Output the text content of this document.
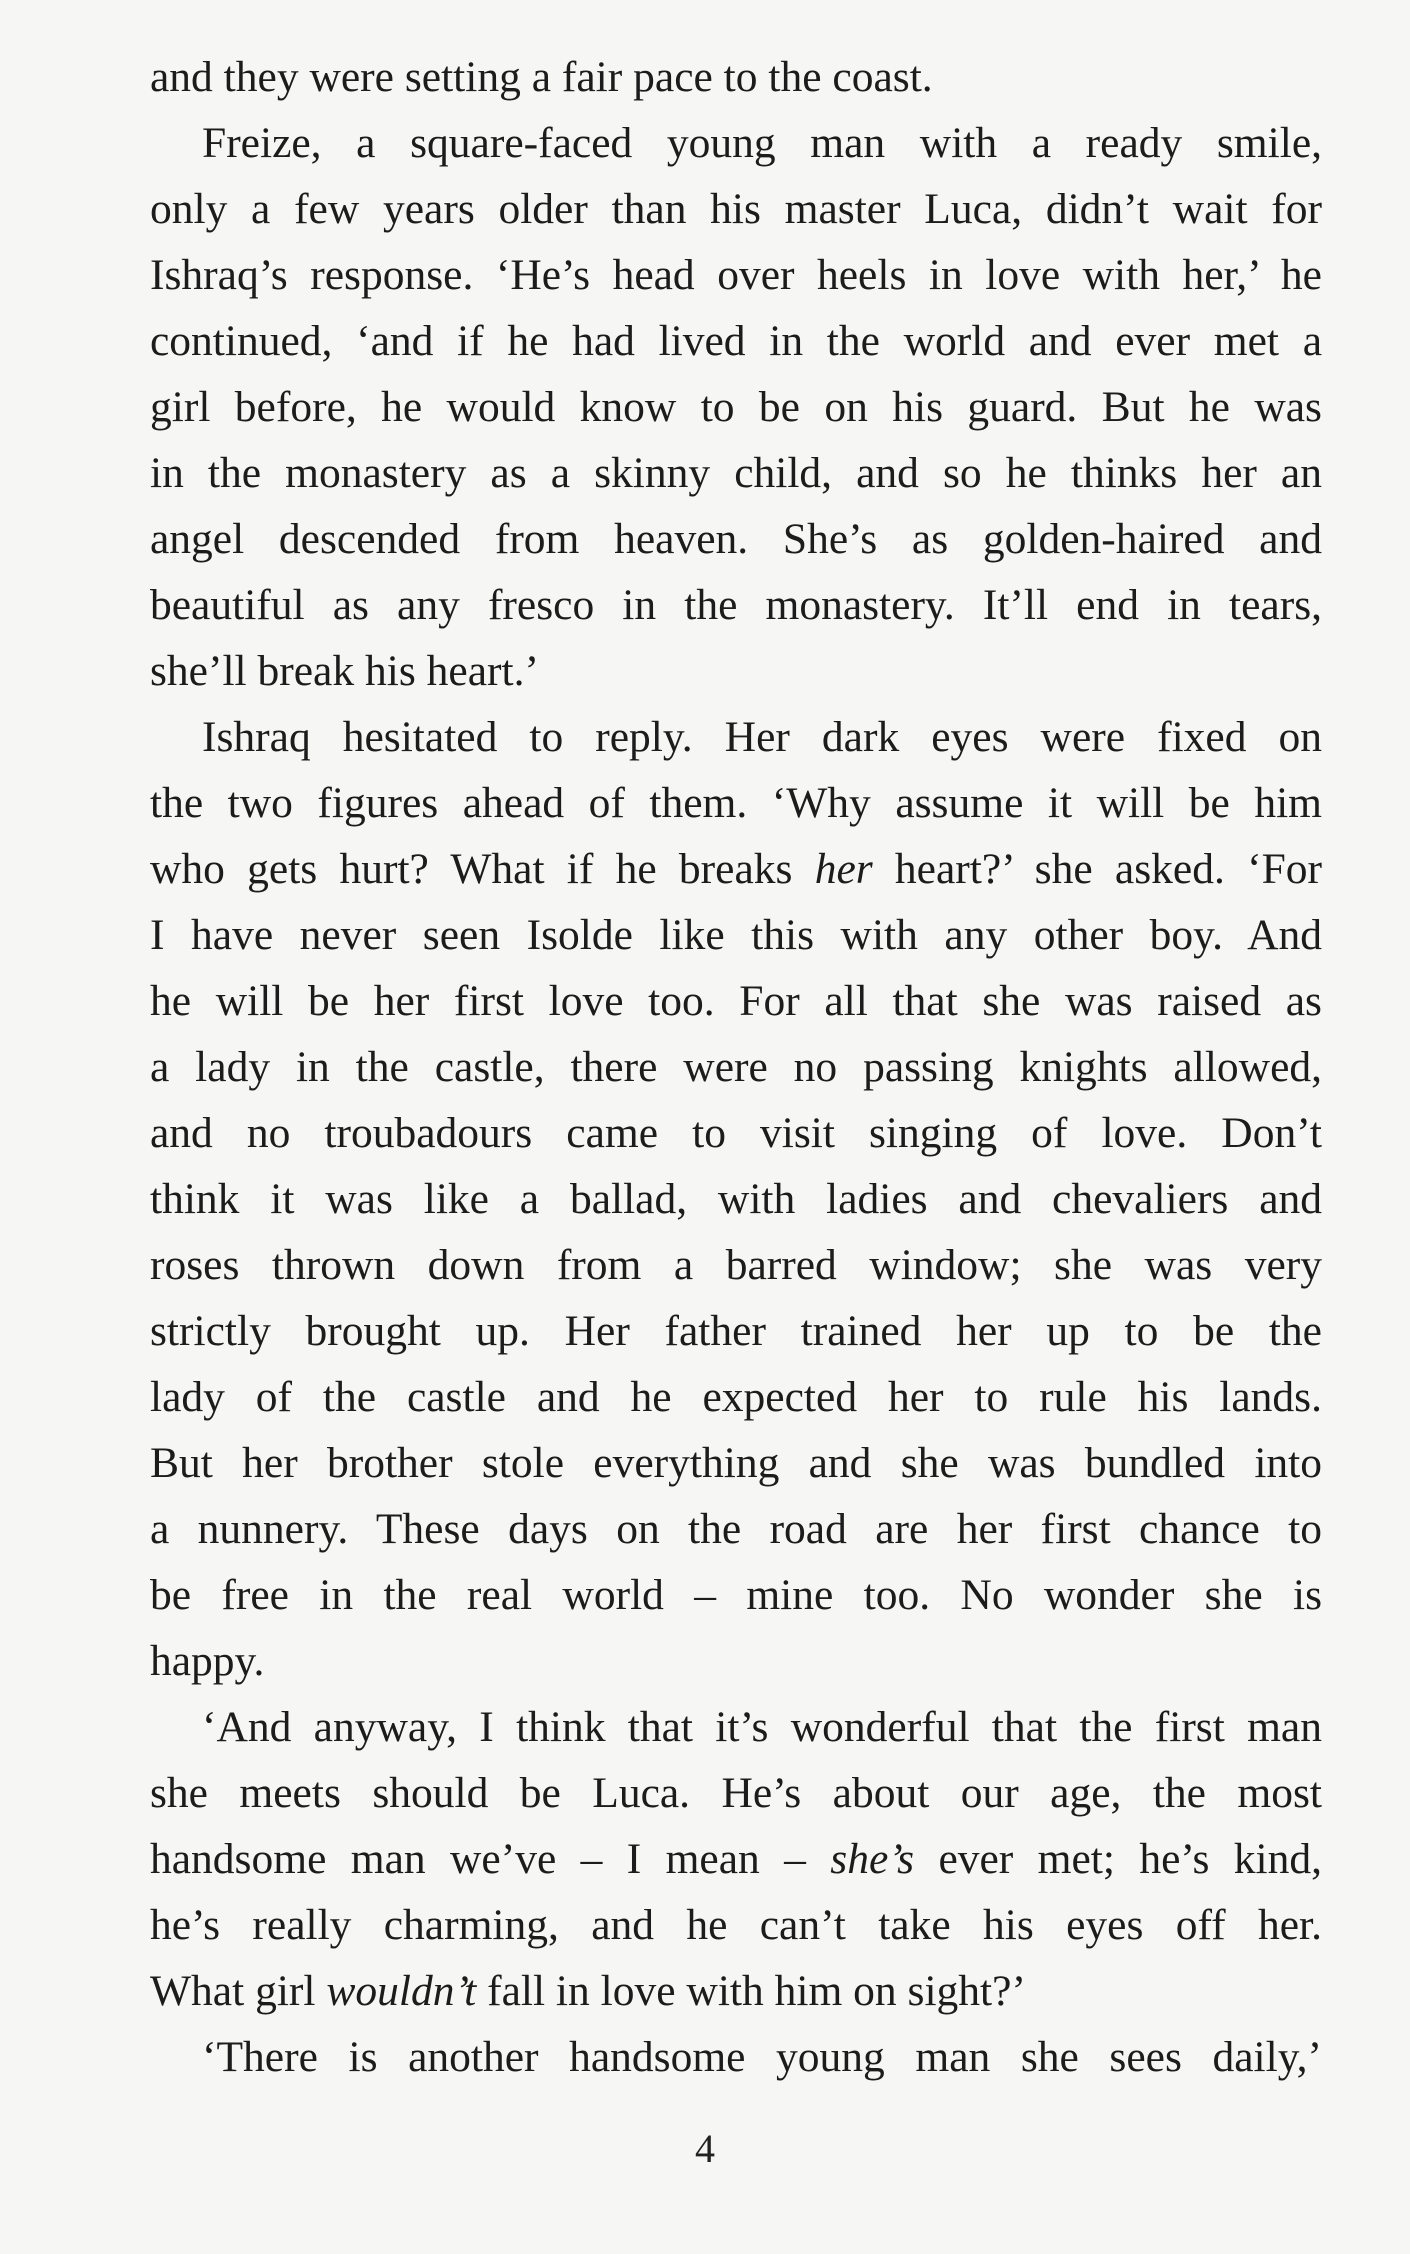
and they were setting a fair pace to the coast.
Freize, a square-faced young man with a ready smile,
only a few years older than his master Luca, didn’t wait for
Ishraq’s response. ‘He’s head over heels in love with her,’ he
continued, ‘and if he had lived in the world and ever met a
girl before, he would know to be on his guard. But he was
in the monastery as a skinny child, and so he thinks her an
angel descended from heaven. She’s as golden-haired and
beautiful as any fresco in the monastery. It’ll end in tears,
she’ll break his heart.’
Ishraq hesitated to reply. Her dark eyes were fixed on
the two figures ahead of them. ‘Why assume it will be him
who gets hurt? What if he breaks her heart?’ she asked. ‘For
I have never seen Isolde like this with any other boy. And
he will be her first love too. For all that she was raised as
a lady in the castle, there were no passing knights allowed,
and no troubadours came to visit singing of love. Don’t
think it was like a ballad, with ladies and chevaliers and
roses thrown down from a barred window; she was very
strictly brought up. Her father trained her up to be the
lady of the castle and he expected her to rule his lands.
But her brother stole everything and she was bundled into
a nunnery. These days on the road are her first chance to
be free in the real world – mine too. No wonder she is
happy.
‘And anyway, I think that it’s wonderful that the first man
she meets should be Luca. He’s about our age, the most
handsome man we’ve – I mean – she’s ever met; he’s kind,
he’s really charming, and he can’t take his eyes off her.
What girl wouldn’t fall in love with him on sight?’
‘There is another handsome young man she sees daily,’
4
